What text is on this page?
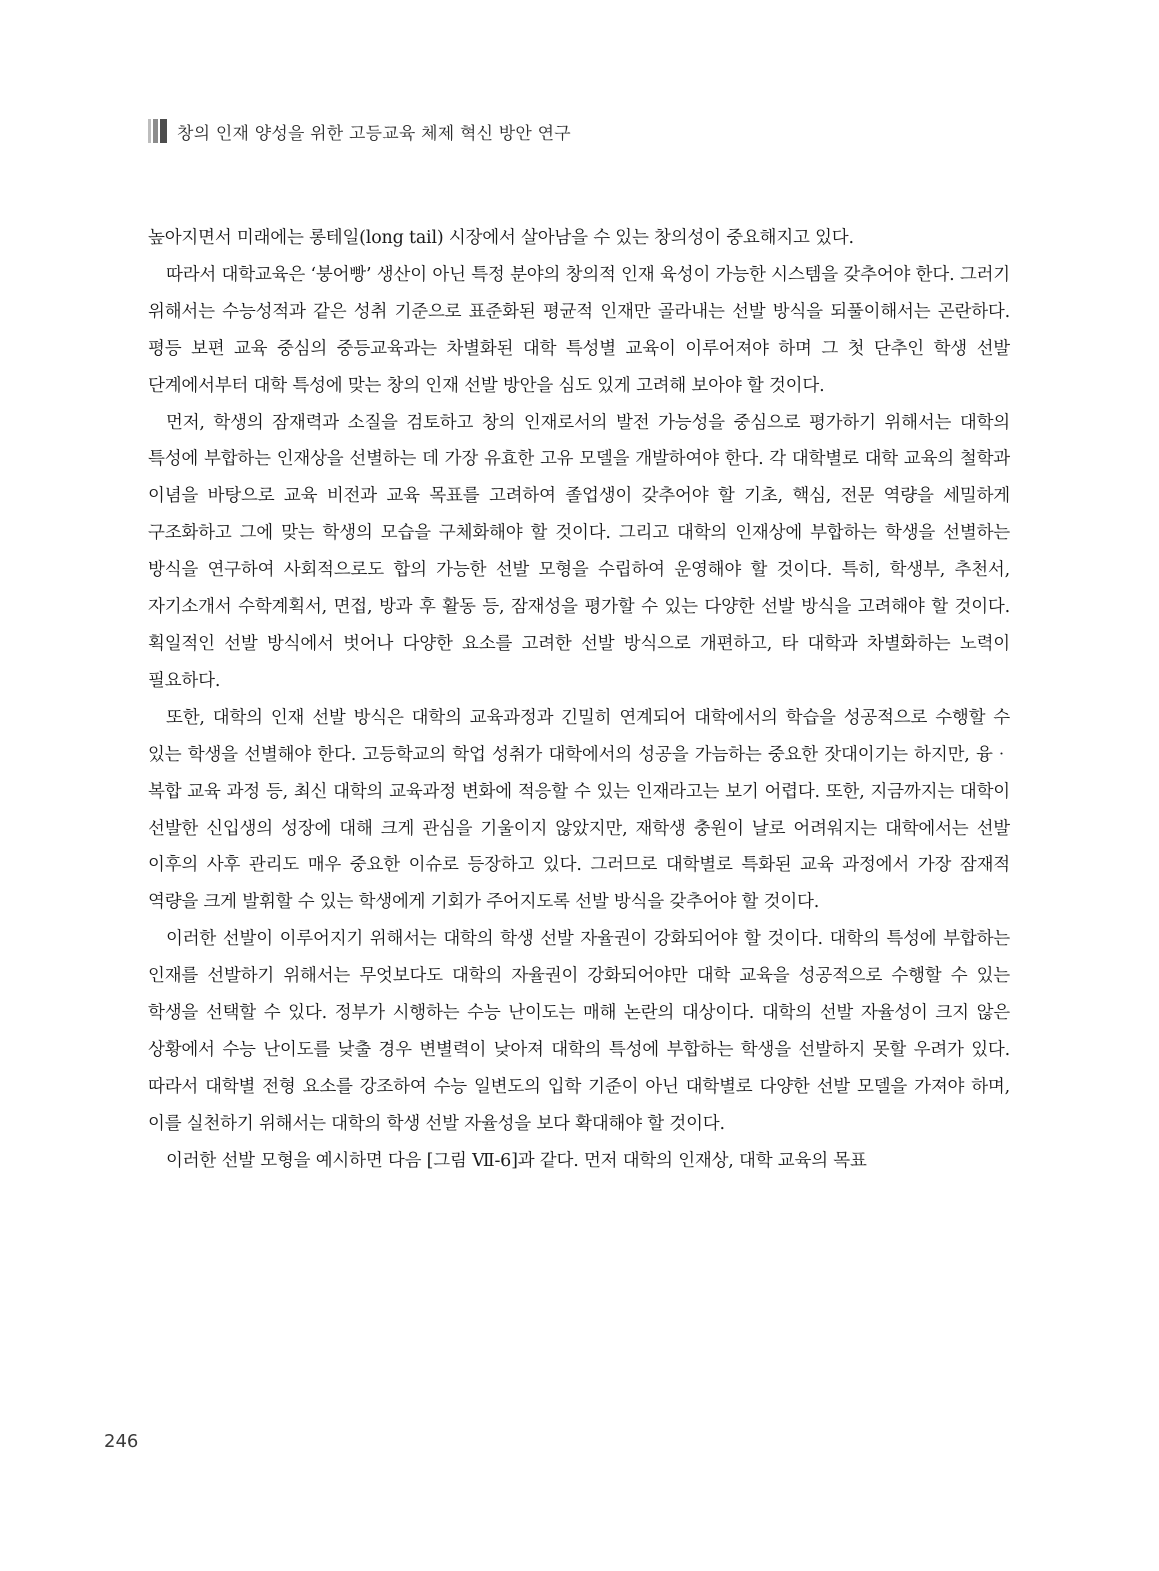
창의 인재 양성을 위한 고등교육 체제 혁신 방안 연구

높아지면서 미래에는 롱테일(long tail) 시장에서 살아남을 수 있는 창의성이 중요해지고 있다.

따라서 대학교육은 ‘붕어빵’ 생산이 아닌 특정 분야의 창의적 인재 육성이 가능한 시스템을 갖추어야 한다. 그러기 위해서는 수능성적과 같은 성취 기준으로 표준화된 평균적 인재만 골라내는 선발 방식을 되풀이해서는 곤란하다. 평등 보편 교육 중심의 중등교육과는 차별화된 대학 특성별 교육이 이루어져야 하며 그 첫 단추인 학생 선발 단계에서부터 대학 특성에 맞는 창의 인재 선발 방안을 심도 있게 고려해 보아야 할 것이다.

먼저, 학생의 잠재력과 소질을 검토하고 창의 인재로서의 발전 가능성을 중심으로 평가하기 위해서는 대학의 특성에 부합하는 인재상을 선별하는 데 가장 유효한 고유 모델을 개발하여야 한다. 각 대학별로 대학 교육의 철학과 이념을 바탕으로 교육 비전과 교육 목표를 고려하여 졸업생이 갖추어야 할 기초, 핵심, 전문 역량을 세밀하게 구조화하고 그에 맞는 학생의 모습을 구체화해야 할 것이다. 그리고 대학의 인재상에 부합하는 학생을 선별하는 방식을 연구하여 사회적으로도 합의 가능한 선발 모형을 수립하여 운영해야 할 것이다. 특히, 학생부, 추천서, 자기소개서 수학계획서, 면접, 방과 후 활동 등, 잠재성을 평가할 수 있는 다양한 선발 방식을 고려해야 할 것이다. 획일적인 선발 방식에서 벗어나 다양한 요소를 고려한 선발 방식으로 개편하고, 타 대학과 차별화하는 노력이 필요하다.

또한, 대학의 인재 선발 방식은 대학의 교육과정과 긴밀히 연계되어 대학에서의 학습을 성공적으로 수행할 수 있는 학생을 선별해야 한다. 고등학교의 학업 성취가 대학에서의 성공을 가늠하는 중요한 잣대이기는 하지만, 융‧복합 교육 과정 등, 최신 대학의 교육과정 변화에 적응할 수 있는 인재라고는 보기 어렵다. 또한, 지금까지는 대학이 선발한 신입생의 성장에 대해 크게 관심을 기울이지 않았지만, 재학생 충원이 날로 어려워지는 대학에서는 선발 이후의 사후 관리도 매우 중요한 이슈로 등장하고 있다. 그러므로 대학별로 특화된 교육 과정에서 가장 잠재적 역량을 크게 발휘할 수 있는 학생에게 기회가 주어지도록 선발 방식을 갖추어야 할 것이다.

이러한 선발이 이루어지기 위해서는 대학의 학생 선발 자율권이 강화되어야 할 것이다. 대학의 특성에 부합하는 인재를 선발하기 위해서는 무엇보다도 대학의 자율권이 강화되어야만 대학 교육을 성공적으로 수행할 수 있는 학생을 선택할 수 있다. 정부가 시행하는 수능 난이도는 매해 논란의 대상이다. 대학의 선발 자율성이 크지 않은 상황에서 수능 난이도를 낮출 경우 변별력이 낮아져 대학의 특성에 부합하는 학생을 선발하지 못할 우려가 있다. 따라서 대학별 전형 요소를 강조하여 수능 일변도의 입학 기준이 아닌 대학별로 다양한 선발 모델을 가져야 하며, 이를 실천하기 위해서는 대학의 학생 선발 자율성을 보다 확대해야 할 것이다.

이러한 선발 모형을 예시하면 다음 [그림 Ⅶ-6]과 같다. 먼저 대학의 인재상, 대학 교육의 목표

246
